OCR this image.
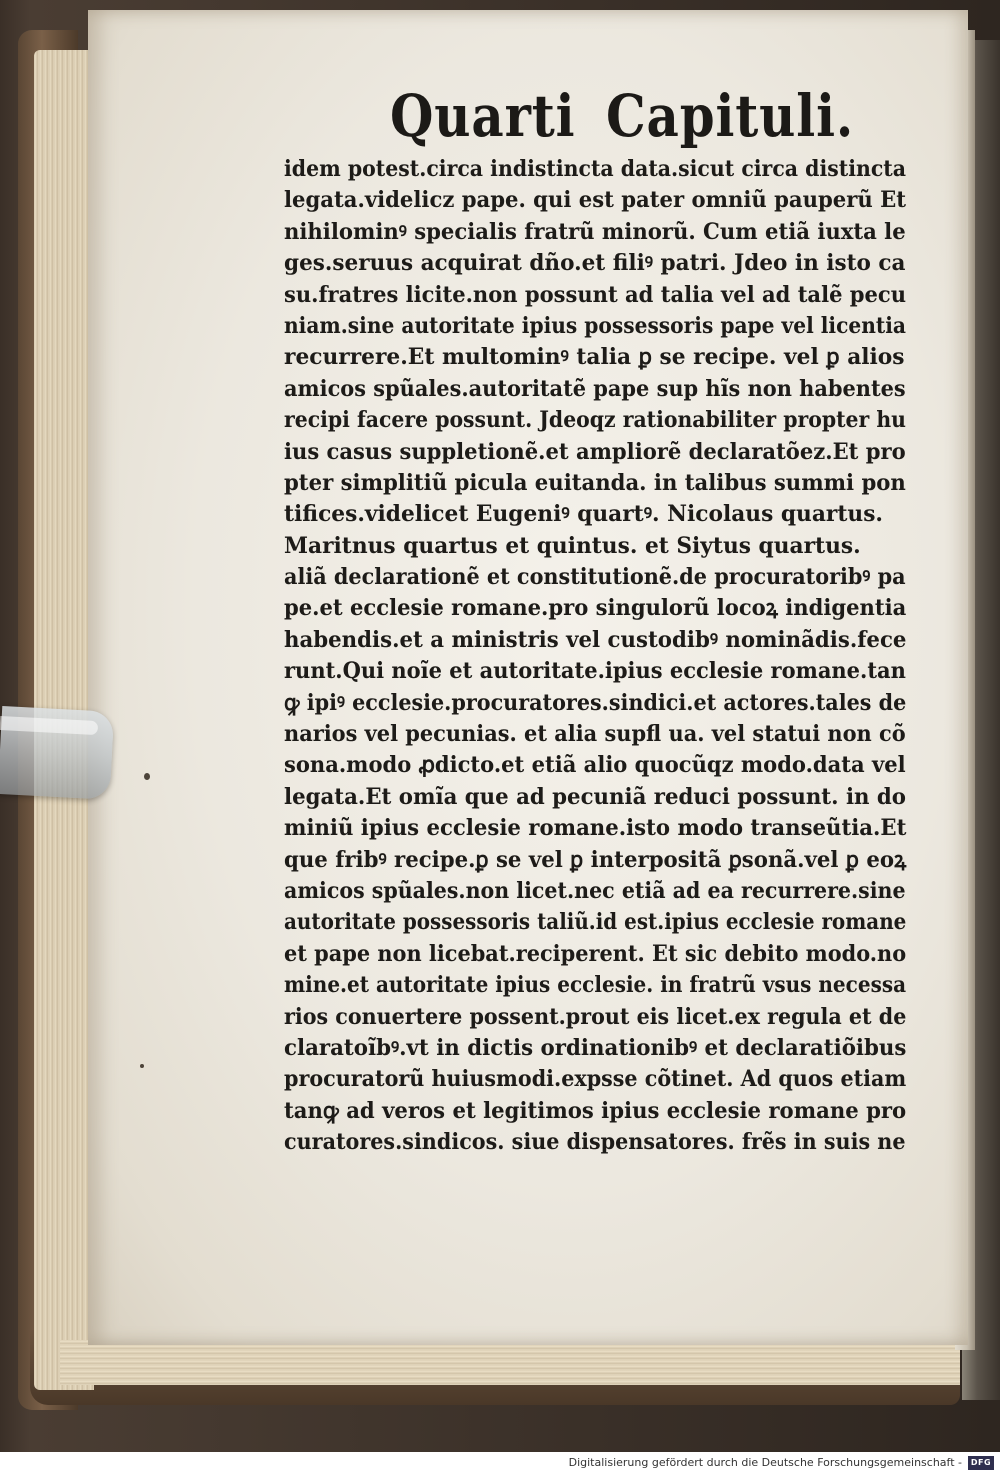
Quarti Capituli.
idem potest.circa indistincta data.sicut circa distincta
legata.videlicz pape. qui est pater omniũ pauperũ Et
nihilominꝰ specialis fratrũ minorũ. Cum etiã iuxta le
ges.seruus acquirat dño.et filiꝰ patri. Jdeo in isto ca
su.fratres licite.non possunt ad talia vel ad talẽ pecu
niam.sine autoritate ipius possessoris pape vel licentia
recurrere.Et multominꝰ talia ꝑ se recipe. vel ꝑ alios
amicos spũales.autoritatẽ pape sup hĩs non habentes
recipi facere possunt. Jdeoqz rationabiliter propter hu
ius casus suppletionẽ.et ampliorẽ declaratõez.Et pro
pter simplitiũ picula euitanda. in talibus summi pon
tifices.videlicet Eugeniꝰ quartꝰ. Nicolaus quartus.
Maritnus quartus et quintus. et Siytus quartus.
aliã declarationẽ et constitutionẽ.de procuratoribꝰ pa
pe.et ecclesie romane.pro singulorũ locoꝝ indigentia
habendis.et a ministris vel custodibꝰ nominãdis.fece
runt.Qui noĩe et autoritate.ipius ecclesie romane.tan
ꝙ ipiꝰ ecclesie.procuratores.sindici.et actores.tales de
narios vel pecunias. et alia supfl ua. vel statui non cõ
sona.modo ꝓdicto.et etiã alio quocũqz modo.data vel
legata.Et omĩa que ad pecuniã reduci possunt. in do
miniũ ipius ecclesie romane.isto modo transeũtia.Et
que fribꝰ recipe.ꝑ se vel ꝑ interpositã ꝑsonã.vel ꝑ eoꝝ
amicos spũales.non licet.nec etiã ad ea recurrere.sine
autoritate possessoris taliũ.id est.ipius ecclesie romane
et pape non licebat.reciperent. Et sic debito modo.no
mine.et autoritate ipius ecclesie. in fratrũ vsus necessa
rios conuertere possent.prout eis licet.ex regula et de
claratoĩbꝰ.vt in dictis ordinationibꝰ et declaratiõibus
procuratorũ huiusmodi.expsse cõtinet. Ad quos etiam
tanꝙ ad veros et legitimos ipius ecclesie romane pro
curatores.sindicos. siue dispensatores. frẽs in suis ne
Digitalisierung gefördert durch die Deutsche Forschungsgemeinschaft -	DFG
